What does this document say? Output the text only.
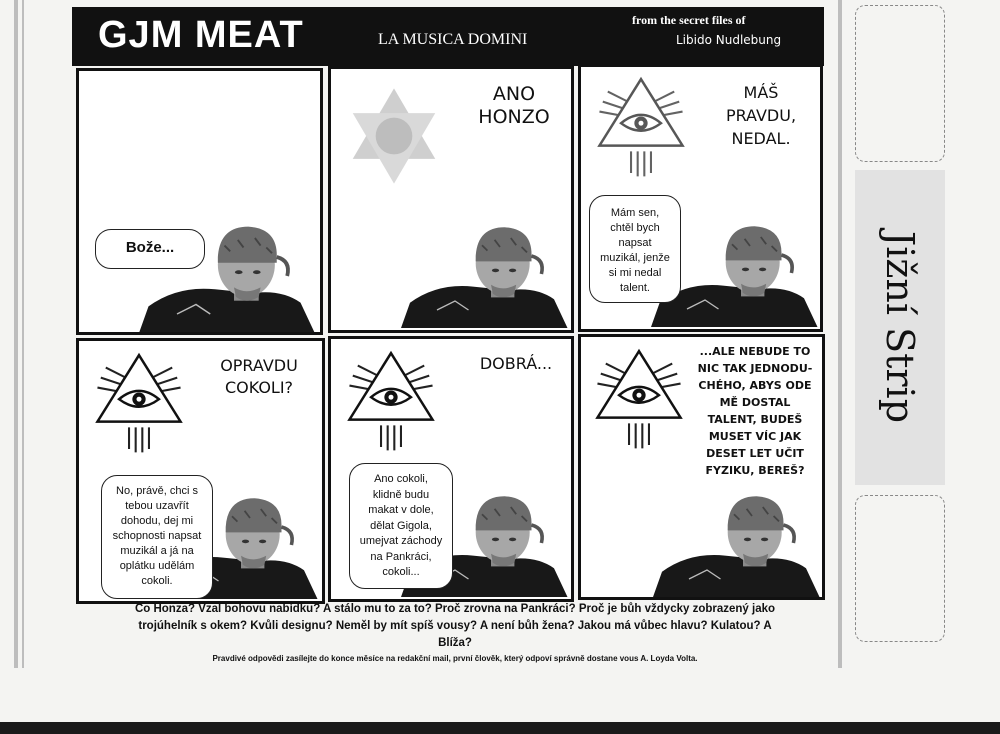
GJM MEAT	LA MUSICA DOMINI
from the secret files of
Libido Nudlebung
Bože...
ANO
HONZO
MÁŠ
PRAVDU,
NEDAL.
Mám sen,
chtěl bych
napsat
muzikál, jenže
si mi nedal
talent.
OPRAVDU
COKOLI?
No, právě, chci s
tebou uzavřít
dohodu, dej mi
schopnosti napsat
muzikál a já na
oplátku udělám
cokoli.
DOBRÁ...
Ano cokoli,
klidně budu
makat v dole,
dělat Gigola,
umejvat záchody
na Pankráci,
cokoli...
...ALE NEBUDE TO
NIC TAK JEDNODU-
CHÉHO, ABYS ODE
MĚ DOSTAL
TALENT, BUDEŠ
MUSET VÍC JAK
DESET LET UČIT
FYZIKU, BEREŠ?
Co Honza? Vzal bohovu nabídku? A stálo mu to za to? Proč zrovna na Pankráci? Proč je bůh vždycky zobrazený jako
trojúhelník s okem? Kvůli designu? Neměl by mít spíš vousy? A není bůh žena? Jakou má vůbec hlavu? Kulatou? A
Blíža?
Pravdivé odpovědi zasílejte do konce měsíce na redakční mail, první člověk, který odpoví správně dostane vous A. Loyda Volta.
Jižní Strip
